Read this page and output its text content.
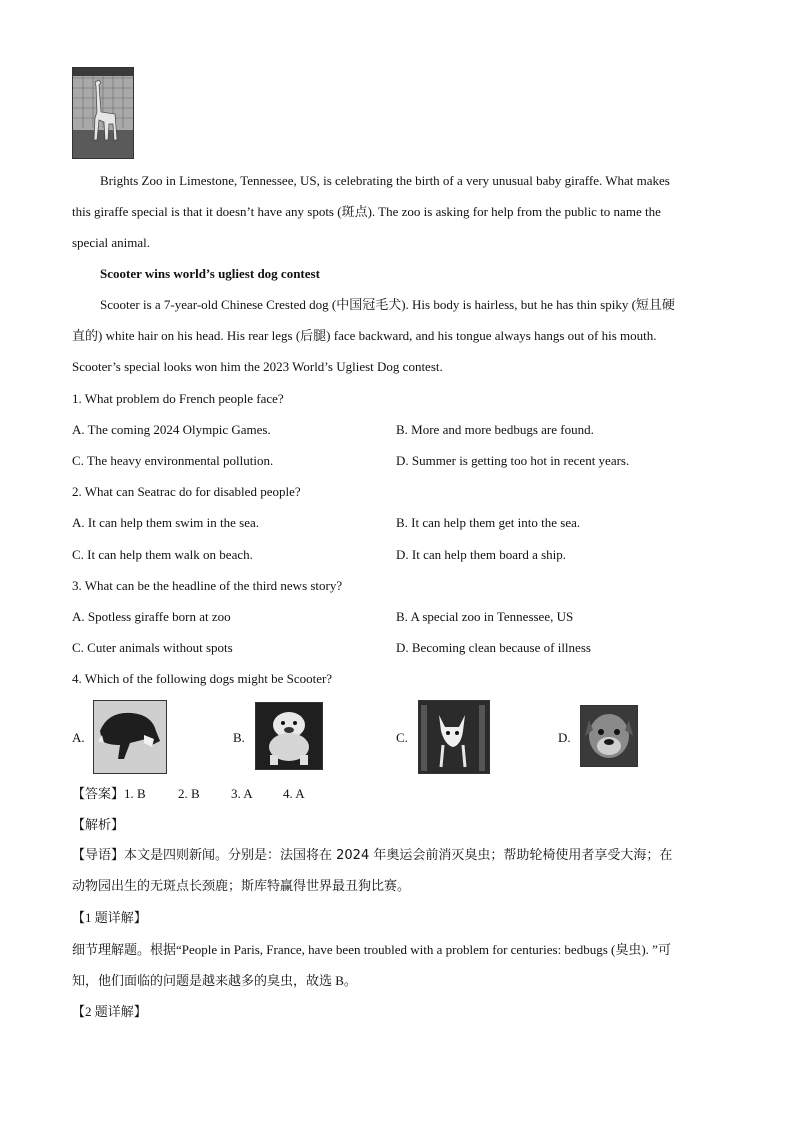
Brights Zoo in Limestone, Tennessee, US, is celebrating the birth of a very unusual baby giraffe. What makes
this giraffe special is that it doesn’t have any spots (斑点). The zoo is asking for help from the public to name the
special animal.
Scooter wins world’s ugliest dog contest
Scooter is a 7-year-old Chinese Crested dog (中国冠毛犬). His body is hairless, but he has thin spiky (短且硬
直的) white hair on his head. His rear legs (后腿) face backward, and his tongue always hangs out of his mouth.
Scooter’s special looks won him the 2023 World’s Ugliest Dog contest.
1. What problem do French people face?
A. The coming 2024 Olympic Games.	B. More and more bedbugs are found.
C. The heavy environmental pollution.	D. Summer is getting too hot in recent years.
2. What can Seatrac do for disabled people?
A. It can help them swim in the sea.	B. It can help them get into the sea.
C. It can help them walk on beach.	D. It can help them board a ship.
3. What can be the headline of the third news story?
A. Spotless giraffe born at zoo	B. A special zoo in Tennessee, US
C. Cuter animals without spots	D. Becoming clean because of illness
4. Which of the following dogs might be Scooter?
A.	B.	C.	D.
【答案】1. B 2. B 3. A 4. A
【解析】
【导语】本文是四则新闻。分别是：法国将在 2024 年奥运会前消灭臭虫；帮助轮椅使用者享受大海；在
动物园出生的无斑点长颈鹿；斯库特赢得世界最丑狗比赛。
【1 题详解】
细节理解题。根据“People in Paris, France, have been troubled with a problem for centuries: bedbugs (臭虫). ”可
知，他们面临的问题是越来越多的臭虫，故选 B。
【2 题详解】
